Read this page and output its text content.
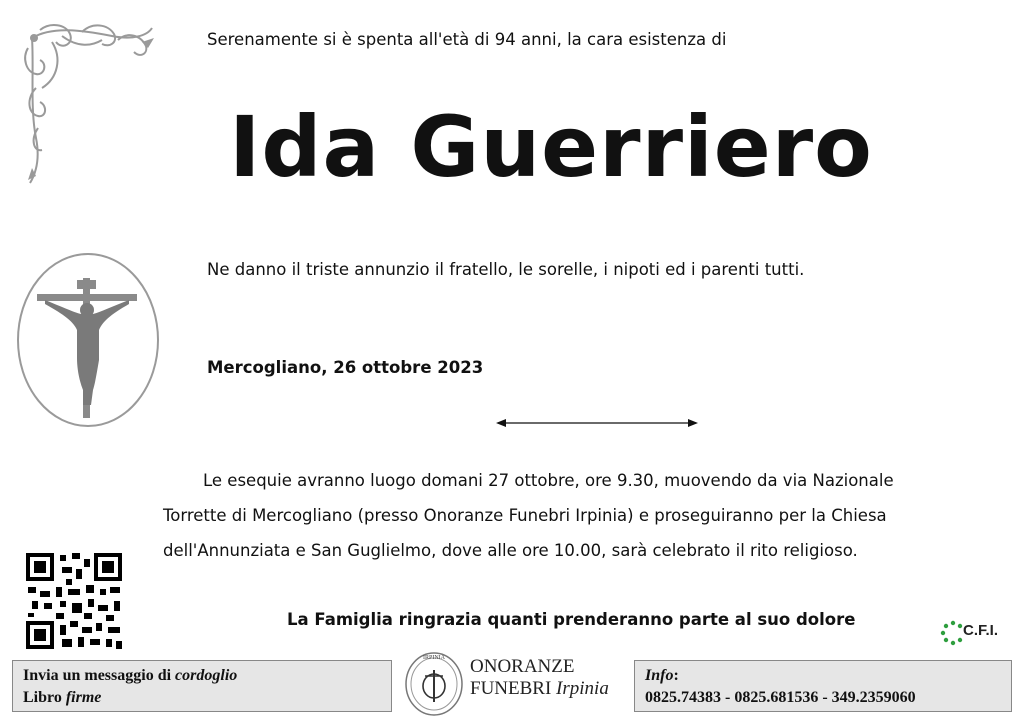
Serenamente si è spenta all'età di 94 anni, la cara esistenza di
Ida Guerriero
Ne danno il triste annunzio il fratello, le sorelle, i nipoti ed i parenti tutti.
Mercogliano, 26 ottobre 2023
Le esequie avranno luogo domani 27 ottobre, ore 9.30, muovendo da via Nazionale
Torrette di Mercogliano (presso Onoranze Funebri Irpinia) e proseguiranno per la Chiesa
dell'Annunziata e San Guglielmo, dove alle ore 10.00, sarà celebrato il rito religioso.
La Famiglia ringrazia quanti prenderanno parte al suo dolore
C.F.I.
Invia un messaggio di cordoglio
Libro firme
IRPINIA ONORANZE
FUNEBRI Irpinia
Info:
0825.74383 - 0825.681536 - 349.2359060
